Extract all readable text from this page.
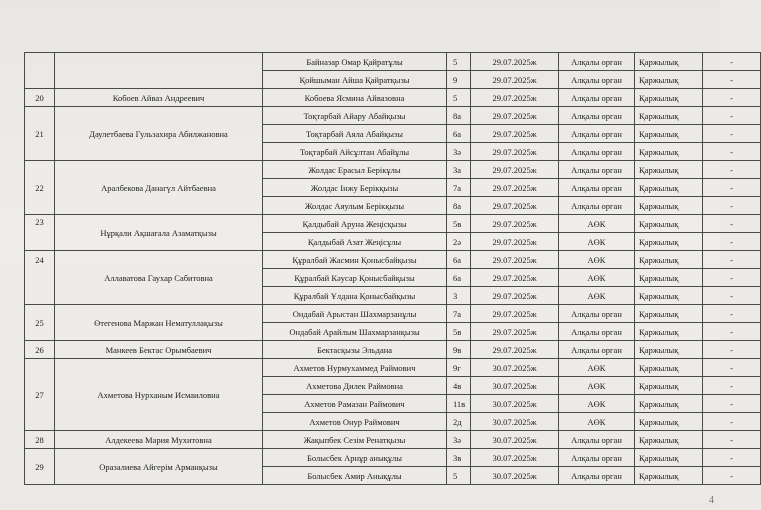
		Байназар Омар Қайратұлы	5	29.07.2025ж	Алқалы орган	Қаржылық	-
		Қойшыман Айша Қайратқызы	9	29.07.2025ж	Алқалы орган	Қаржылық	-
20	Кобоев Айваз Андреевич	Кобоева Ясмина Айвазовна	5	29.07.2025ж	Алқалы орган	Қаржылық	-
21	Даулетбаева Гульзахира Абилжановна	Тоқтарбай Айару Абайқызы	8а	29.07.2025ж	Алқалы орган	Қаржылық	-
		Тоқтарбай Аяла Абайқызы	6а	29.07.2025ж	Алқалы орган	Қаржылық	-
		Тоқтарбай Айсұлтан Абайұлы	3ә	29.07.2025ж	Алқалы орган	Қаржылық	-
22	Аралбекова Данагүл Айтбаевна	Жолдас Ерасыл Берікұлы	3а	29.07.2025ж	Алқалы орган	Қаржылық	-
		Жолдас Інжу Берікқызы	7а	29.07.2025ж	Алқалы орган	Қаржылық	-
		Жолдас Аяулым Берікқызы	8а	29.07.2025ж	Алқалы орган	Қаржылық	-
23	Нұрқали Ақшағала Азаматқызы	Қалдыбай Аруна Жеңісқызы	5в	29.07.2025ж	АӨК	Қаржылық	-
		Қалдыбай Азат Жеңісұлы	2ә	29.07.2025ж	АӨК	Қаржылық	-
24	Аллаватова Гаухар Сабитовна	Құралбай Жасмин Қонысбайқызы	6а	29.07.2025ж	АӨК	Қаржылық	-
		Құралбай Кәусар Қонысбайқызы	6а	29.07.2025ж	АӨК	Қаржылық	-
		Құралбай Ұлдана Қонысбайқызы	3	29.07.2025ж	АӨК	Қаржылық	-
25	Өтегенова Маржан Нематуллақызы	Ондабай Арыстан Шахмарзанұлы	7а	29.07.2025ж	Алқалы орган	Қаржылық	-
		Ондабай Арайлым Шахмарзанқызы	5в	29.07.2025ж	Алқалы орган	Қаржылық	-
26	Манкеев Бектас Орымбаевич	Бектасқызы Эльдана	9в	29.07.2025ж	Алқалы орган	Қаржылық	-
27	Ахметова Нурханым Исмаиловна	Ахметов Нурмухаммед Раймович	9г	30.07.2025ж	АӨК	Қаржылық	-
		Ахметова Дилек Раймовна	4в	30.07.2025ж	АӨК	Қаржылық	-
		Ахметов Рамазан Раймович	11в	30.07.2025ж	АӨК	Қаржылық	-
		Ахметов Онур Раймович	2д	30.07.2025ж	АӨК	Қаржылық	-
28	Алдекеева Мария Мухитовна	Жақыпбек Сезім Ренатқызы	3ә	30.07.2025ж	Алқалы орган	Қаржылық	-
29	Оразалиева Айгерім Арманқызы	Болысбек Арнұр анықұлы	3в	30.07.2025ж	Алқалы орган	Қаржылық	-
		Болысбек Амир Анықұлы	5	30.07.2025ж	Алқалы орган	Қаржылық	-
4
